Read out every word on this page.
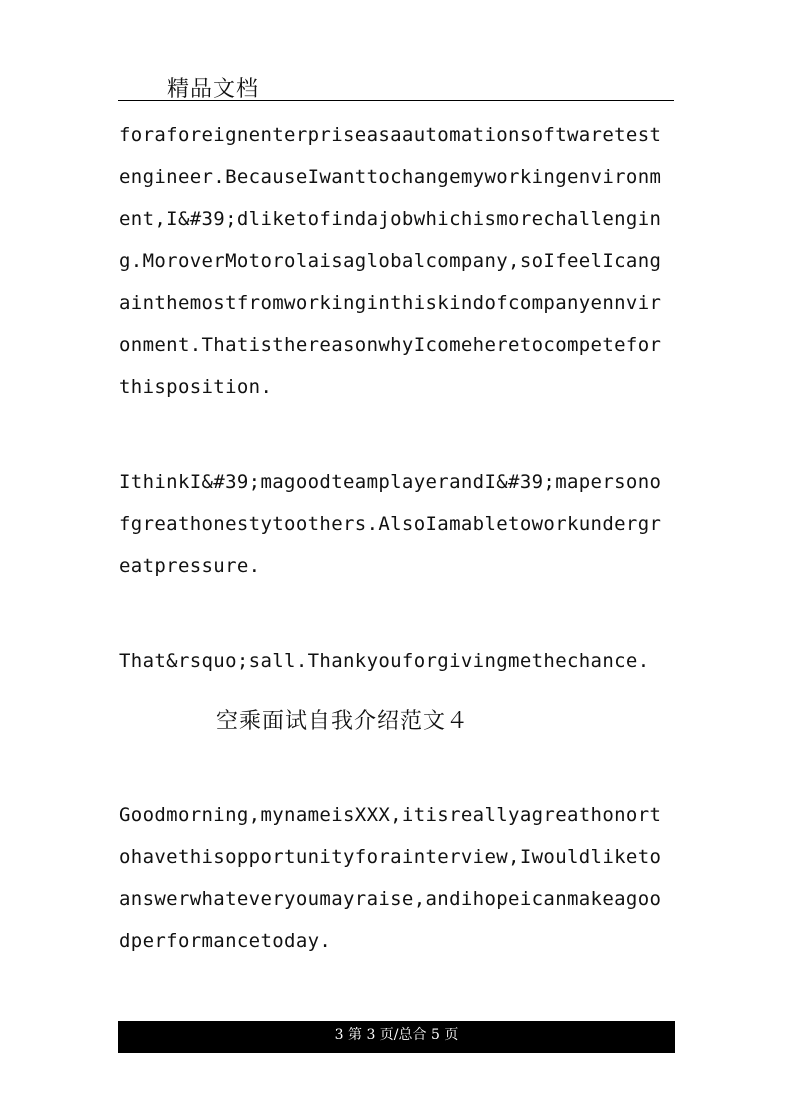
精品文档
foraforeignenterpriseasaautomationsoftwaretest
engineer.BecauseIwanttochangemyworkingenvironm
ent,I&#39;dliketofindajobwhichismorechallengin
g.MoroverMotorolaisaglobalcompany,soIfeelIcang
ainthemostfromworkinginthiskindofcompanyennvir
onment.ThatisthereasonwhyIcomeheretocompetefor
thisposition.
IthinkI&#39;magoodteamplayerandI&#39;mapersono
fgreathonestytoothers.AlsoIamabletoworkundergr
eatpressure.
That&rsquo;sall.Thankyouforgivingmethechance.
空乘面试自我介绍范文４
Goodmorning,mynameisXXX,itisreallyagreathonort
ohavethisopportunityforainterview,Iwouldliketo
answerwhateveryoumayraise,andihopeicanmakeagoo
dperformancetoday.
3 第 3 页/总合 5 页
